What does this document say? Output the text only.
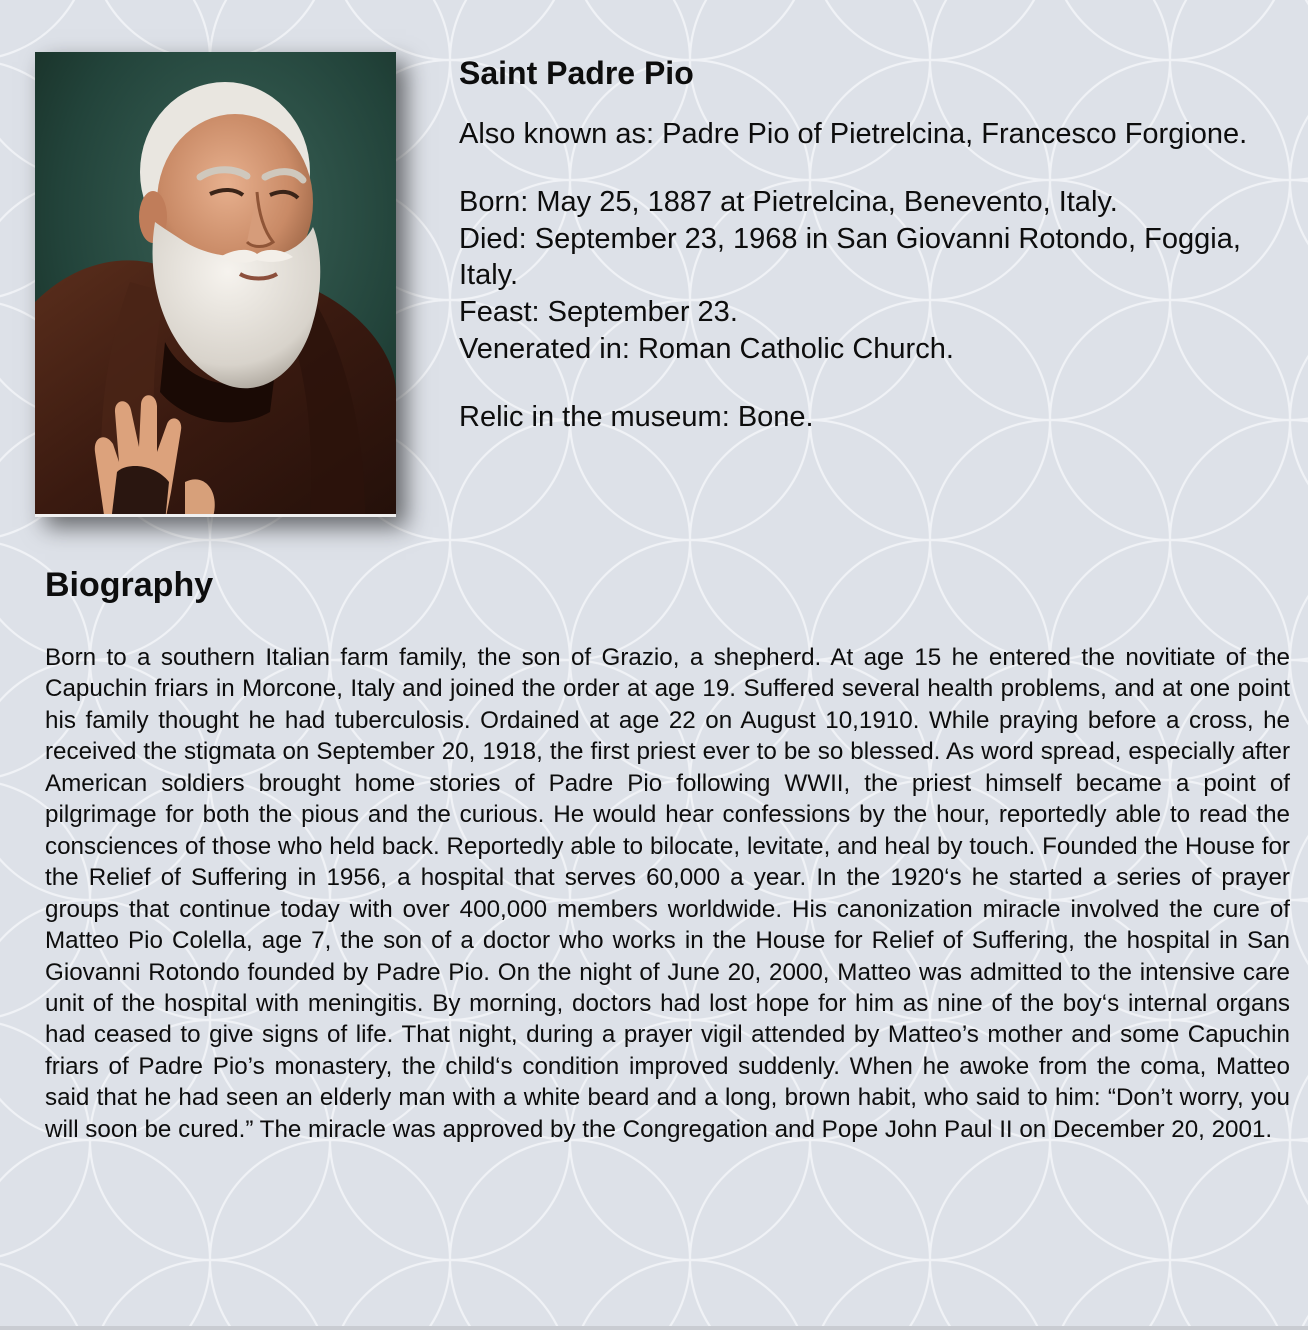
Saint Padre Pio
Also known as: Padre Pio of Pietrelcina, Francesco Forgione.
Born: May 25, 1887 at Pietrelcina, Benevento, Italy.
Died: September 23, 1968 in San Giovanni Rotondo, Foggia, Italy.
Feast: September 23.
Venerated in: Roman Catholic Church.
Relic in the museum: Bone.
Biography

Born to a southern Italian farm family, the son of Grazio, a shepherd. At age 15 he entered the novitiate of the Capuchin friars in Morcone, Italy and joined the order at age 19. Suffered several health problems, and at one point his family thought he had tuberculosis. Ordained at age 22 on August 10,1910. While praying before a cross, he received the stigmata on September 20, 1918, the first priest ever to be so blessed. As word spread, especially after American soldiers brought home stories of Padre Pio following WWII, the priest himself became a point of pilgrimage for both the pious and the curious. He would hear confessions by the hour, reportedly able to read the consciences of those who held back. Reportedly able to bilocate, levitate, and heal by touch. Founded the House for the Relief of Suffering in 1956, a hospital that serves 60,000 a year. In the 1920‘s he started a series of prayer groups that continue today with over 400,000 members worldwide. His canonization miracle involved the cure of Matteo Pio Colella, age 7, the son of a doctor who works in the House for Relief of Suffering, the hospital in San Giovanni Rotondo founded by Padre Pio. On the night of June 20, 2000, Matteo was admitted to the intensive care unit of the hospital with meningitis. By morning, doctors had lost hope for him as nine of the boy‘s internal organs had ceased to give signs of life. That night, during a prayer vigil attended by Matteo’s mother and some Capuchin friars of Padre Pio’s monastery, the child‘s condition improved suddenly. When he awoke from the coma, Matteo said that he had seen an elderly man with a white beard and a long, brown habit, who said to him: “Don’t worry, you will soon be cured.” The miracle was approved by the Congregation and Pope John Paul II on December 20, 2001.
